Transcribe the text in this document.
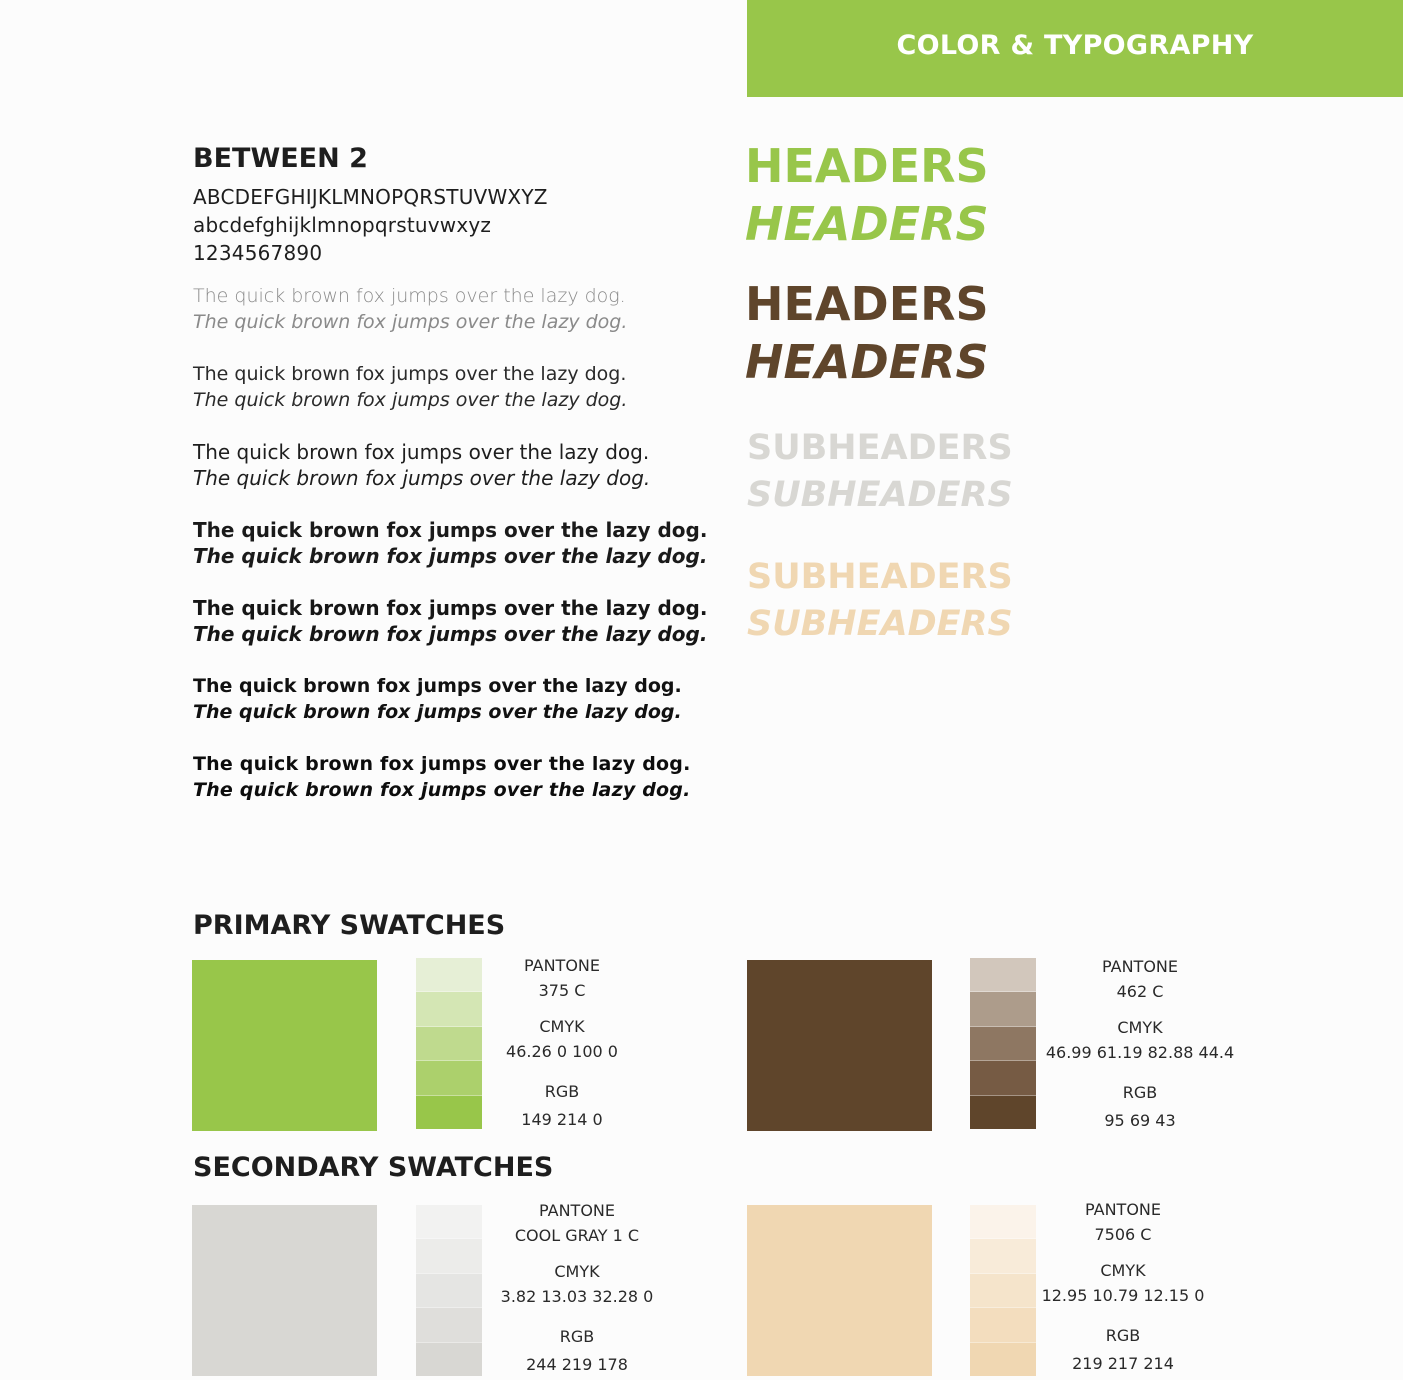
COLOR & TYPOGRAPHY
BETWEEN 2
ABCDEFGHIJKLMNOPQRSTUVWXYZ
abcdefghijklmnopqrstuvwxyz
1234567890
The quick brown fox jumps over the lazy dog.
The quick brown fox jumps over the lazy dog.
The quick brown fox jumps over the lazy dog.
The quick brown fox jumps over the lazy dog.
The quick brown fox jumps over the lazy dog.
The quick brown fox jumps over the lazy dog.
The quick brown fox jumps over the lazy dog.
The quick brown fox jumps over the lazy dog.
The quick brown fox jumps over the lazy dog.
The quick brown fox jumps over the lazy dog.
The quick brown fox jumps over the lazy dog.
The quick brown fox jumps over the lazy dog.
The quick brown fox jumps over the lazy dog.
The quick brown fox jumps over the lazy dog.
HEADERS
HEADERS
HEADERS
HEADERS
SUBHEADERS
SUBHEADERS
SUBHEADERS
SUBHEADERS
PRIMARY SWATCHES
PANTONE
375 C
CMYK
46.26 0 100 0
RGB
149 214 0
PANTONE
462 C
CMYK
46.99 61.19 82.88 44.4
RGB
95 69 43
SECONDARY SWATCHES
PANTONE
COOL GRAY 1 C
CMYK
3.82 13.03 32.28 0
RGB
244 219 178
PANTONE
7506 C
CMYK
12.95 10.79 12.15 0
RGB
219 217 214
